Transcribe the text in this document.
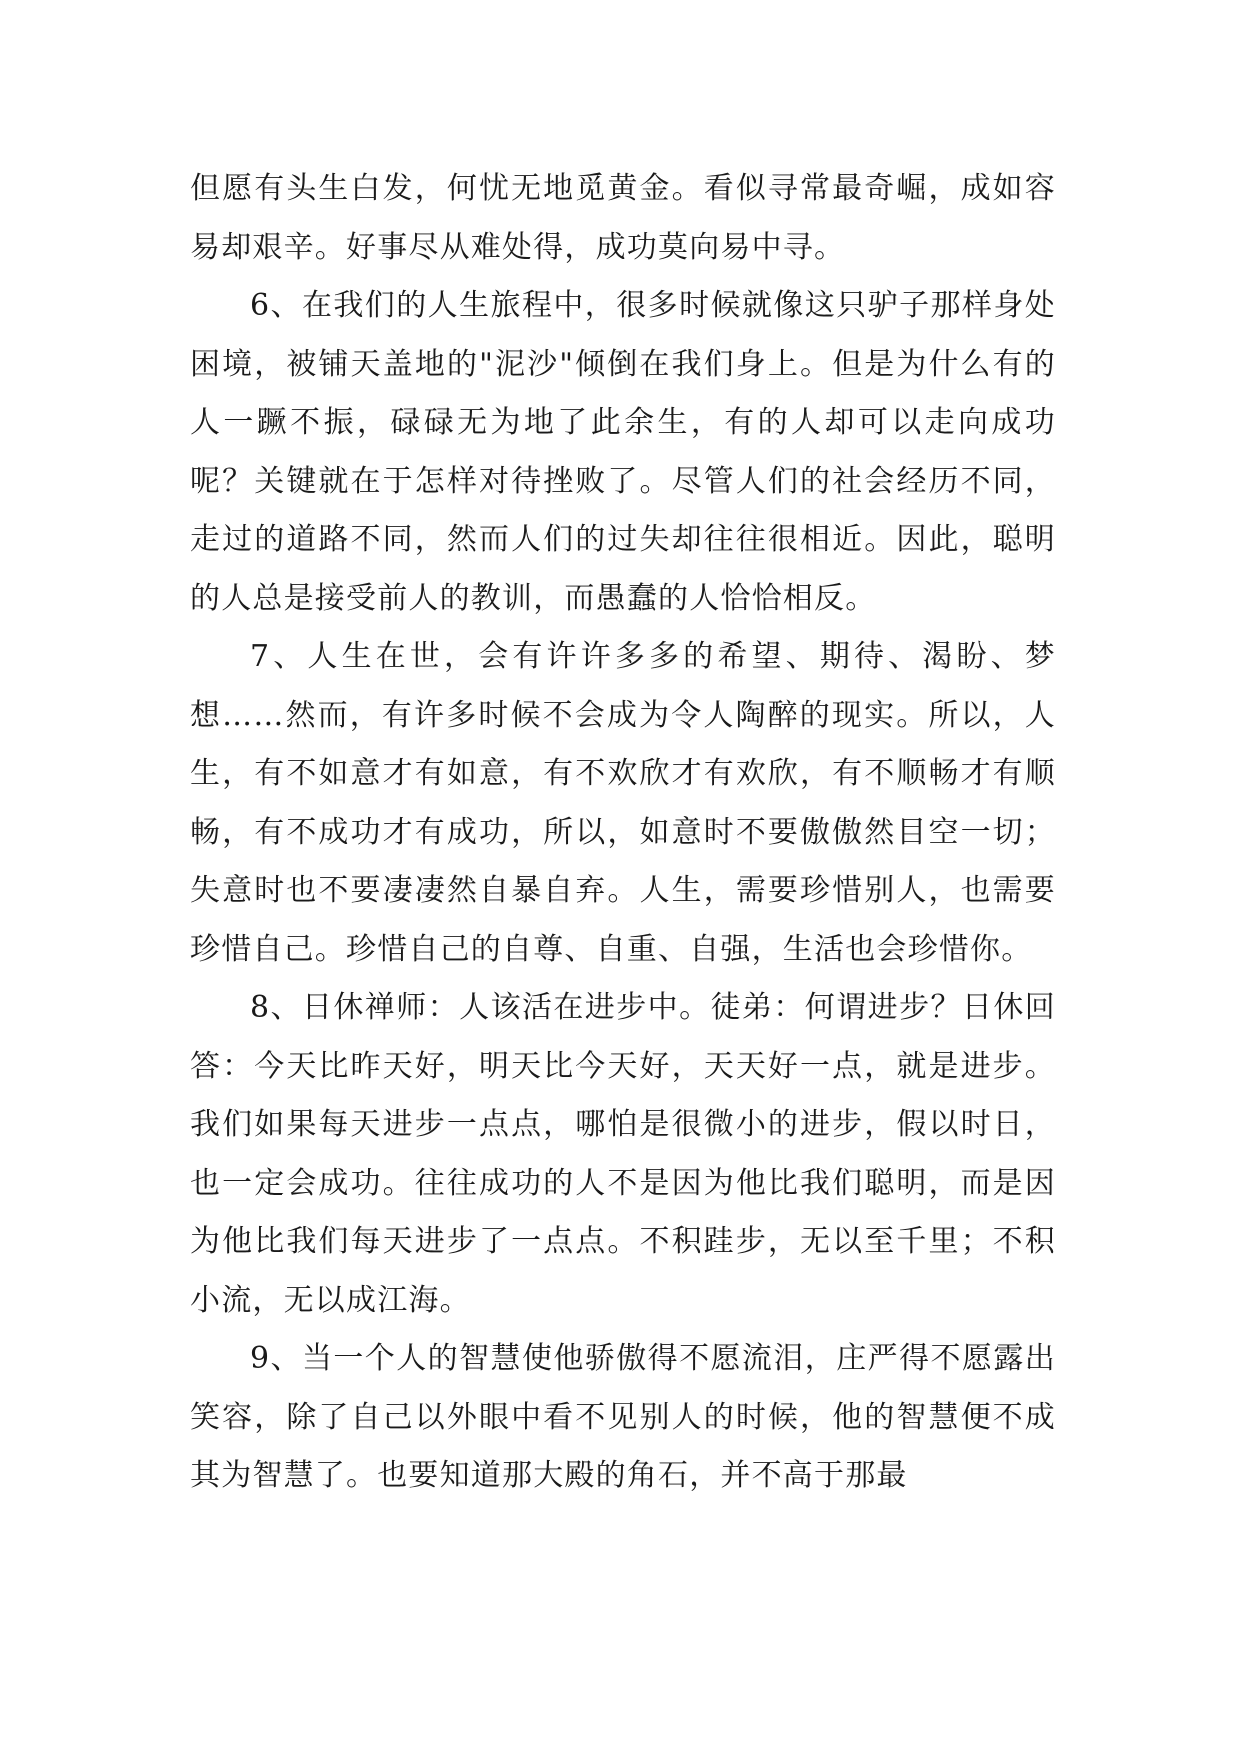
但愿有头生白发，何忧无地觅黄金。看似寻常最奇崛，成如容易却艰辛。好事尽从难处得，成功莫向易中寻。

6、在我们的人生旅程中，很多时候就像这只驴子那样身处困境，被铺天盖地的"泥沙"倾倒在我们身上。但是为什么有的人一蹶不振，碌碌无为地了此余生，有的人却可以走向成功呢？关键就在于怎样对待挫败了。尽管人们的社会经历不同，走过的道路不同，然而人们的过失却往往很相近。因此，聪明的人总是接受前人的教训，而愚蠢的人恰恰相反。

7、人生在世，会有许许多多的希望、期待、渴盼、梦想……然而，有许多时候不会成为令人陶醉的现实。所以，人生，有不如意才有如意，有不欢欣才有欢欣，有不顺畅才有顺畅，有不成功才有成功，所以，如意时不要傲傲然目空一切；失意时也不要凄凄然自暴自弃。人生，需要珍惜别人，也需要珍惜自己。珍惜自己的自尊、自重、自强，生活也会珍惜你。

8、日休禅师：人该活在进步中。徒弟：何谓进步？日休回答：今天比昨天好，明天比今天好，天天好一点，就是进步。我们如果每天进步一点点，哪怕是很微小的进步，假以时日，也一定会成功。往往成功的人不是因为他比我们聪明，而是因为他比我们每天进步了一点点。不积跬步，无以至千里；不积小流，无以成江海。

9、当一个人的智慧使他骄傲得不愿流泪，庄严得不愿露出笑容，除了自己以外眼中看不见别人的时候，他的智慧便不成其为智慧了。也要知道那大殿的角石，并不高于那最
